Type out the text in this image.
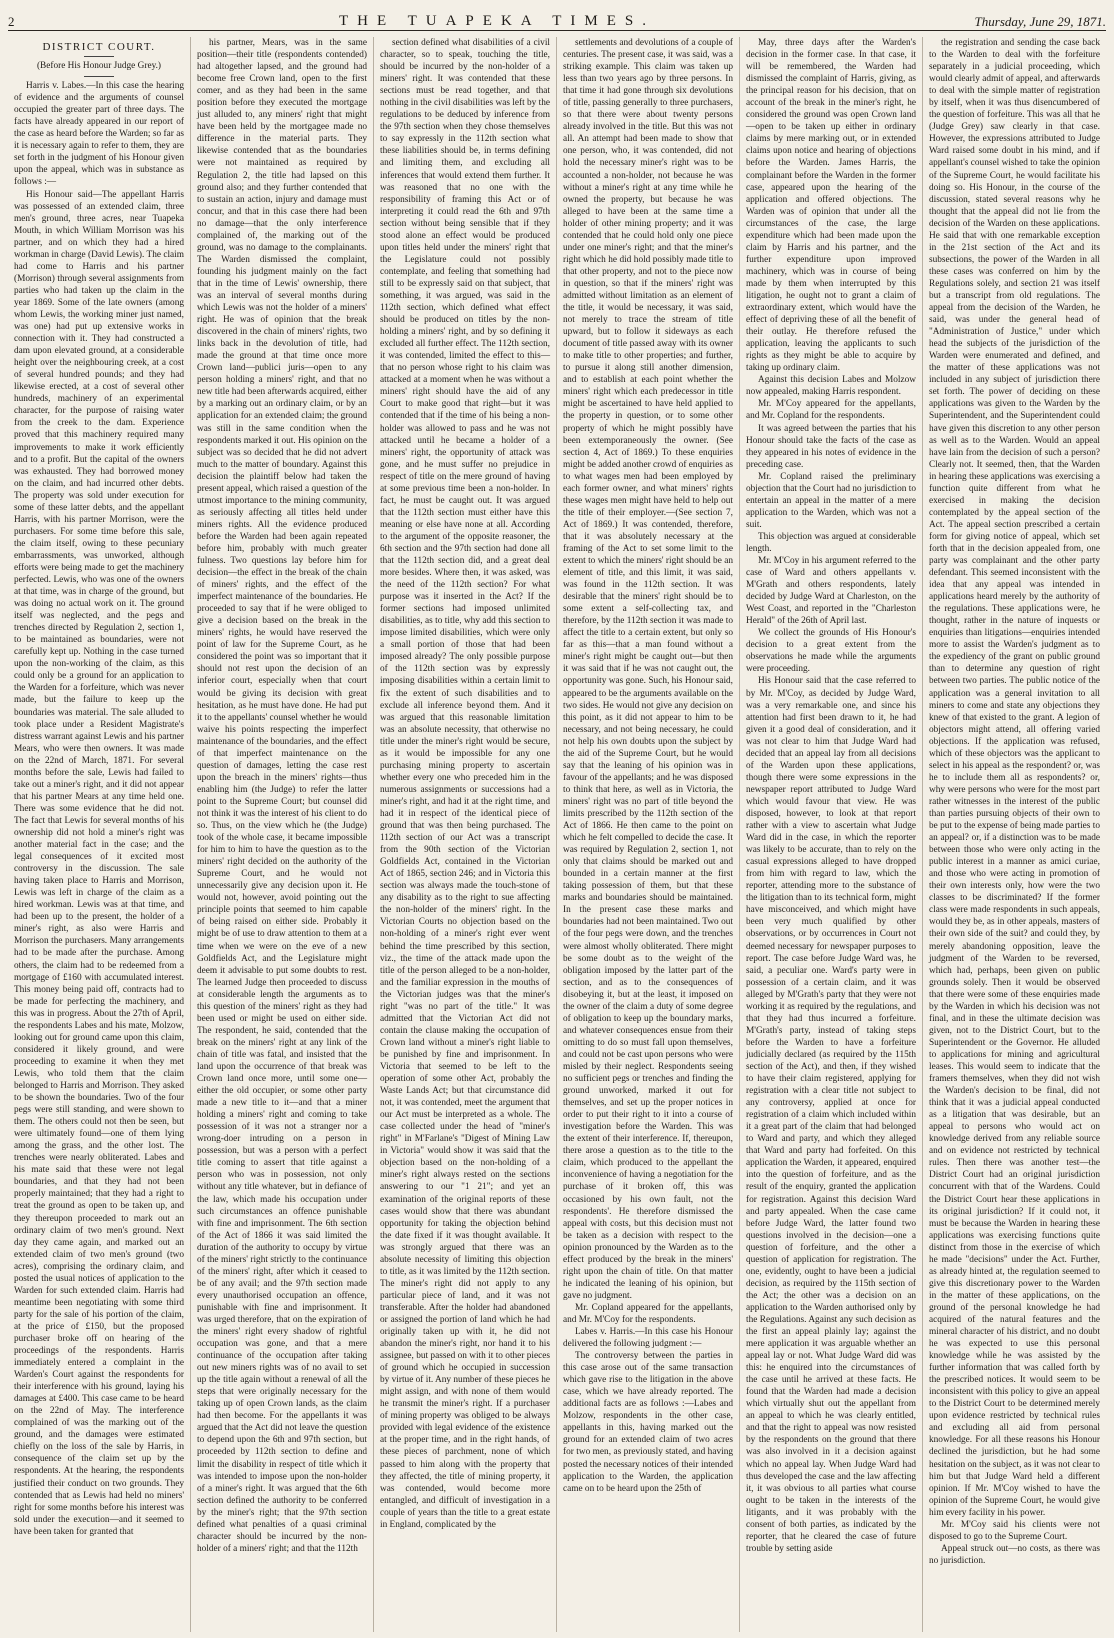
2	THE TUAPEKA TIMES.	Thursday, June 29, 1871.

DISTRICT COURT.

(Before His Honour Judge Grey.)

Harris v. Labes.—In this case the hearing of evidence and the arguments of counsel occupied the greater part of three days. The facts have already appeared in our report of the case as heard before the Warden; so far as it is necessary again to refer to them, they are set forth in the judgment of his Honour given upon the appeal, which was in substance as follows :—

His Honour said—The appellant Harris was possessed of an extended claim, three men's ground, three acres, near Tuapeka Mouth, in which William Morrison was his partner, and on which they had a hired workman in charge (David Lewis). The claim had come to Harris and his partner (Morrison) through several assignments from parties who had taken up the claim in the year 1869. Some of the late owners (among whom Lewis, the working miner just named, was one) had put up extensive works in connection with it. They had constructed a dam upon elevated ground, at a considerable height over the neighbouring creek, at a cost of several hundred pounds; and they had likewise erected, at a cost of several other hundreds, machinery of an experimental character, for the purpose of raising water from the creek to the dam. Experience proved that this machinery required many improvements to make it work efficiently and to a profit. But the capital of the owners was exhausted. They had borrowed money on the claim, and had incurred other debts. The property was sold under execution for some of these latter debts, and the appellant Harris, with his partner Morrison, were the purchasers. For some time before this sale, the claim itself, owing to these pecuniary embarrassments, was unworked, although efforts were being made to get the machinery perfected. Lewis, who was one of the owners at that time, was in charge of the ground, but was doing no actual work on it. The ground itself was neglected, and the pegs and trenches directed by Regulation 2, section 1, to be maintained as boundaries, were not carefully kept up. Nothing in the case turned upon the non-working of the claim, as this could only be a ground for an application to the Warden for a forfeiture, which was never made, but the failure to keep up the boundaries was material. The sale alluded to took place under a Resident Magistrate's distress warrant against Lewis and his partner Mears, who were then owners. It was made on the 22nd of March, 1871. For several months before the sale, Lewis had failed to take out a miner's right, and it did not appear that his partner Mears at any time held one. There was some evidence that he did not. The fact that Lewis for several months of his ownership did not hold a miner's right was another material fact in the case; and the legal consequences of it excited most controversy in the discussion. The sale having taken place to Harris and Morrison, Lewis was left in charge of the claim as a hired workman. Lewis was at that time, and had been up to the present, the holder of a miner's right, as also were Harris and Morrison the purchasers. Many arrangements had to be made after the purchase. Among others, the claim had to be redeemed from a mortgage of £160 with accumulated interest. This money being paid off, contracts had to be made for perfecting the machinery, and this was in progress. About the 27th of April, the respondents Labes and his mate, Molzow, looking out for ground came upon this claim, considered it likely ground, and were proceeding to examine it when they met Lewis, who told them that the claim belonged to Harris and Morrison. They asked to be shown the boundaries. Two of the four pegs were still standing, and were shown to them. The others could not then be seen, but were ultimately found—one of them lying among the grass, and the other lost. The trenches were nearly obliterated. Labes and his mate said that these were not legal boundaries, and that they had not been properly maintained; that they had a right to treat the ground as open to be taken up, and they thereupon proceeded to mark out an ordinary claim of two men's ground. Next day they came again, and marked out an extended claim of two men's ground (two acres), comprising the ordinary claim, and posted the usual notices of application to the Warden for such extended claim. Harris had meantime been negotiating with some third party for the sale of his portion of the claim, at the price of £150, but the proposed purchaser broke off on hearing of the proceedings of the respondents. Harris immediately entered a complaint in the Warden's Court against the respondents for their interference with his ground, laying his damages at £400. This case came to be heard on the 22nd of May. The interference complained of was the marking out of the ground, and the damages were estimated chiefly on the loss of the sale by Harris, in consequence of the claim set up by the respondents. At the hearing, the respondents justified their conduct on two grounds. They contended that as Lewis had held no miners' right for some months before his interest was sold under the execution—and it seemed to have been taken for granted that

his partner, Mears, was in the same position—their title (respondents contended) had altogether lapsed, and the ground had become free Crown land, open to the first comer, and as they had been in the same position before they executed the mortgage just alluded to, any miners' right that might have been held by the mortgagee made no difference in the material parts. They likewise contended that as the boundaries were not maintained as required by Regulation 2, the title had lapsed on this ground also; and they further contended that to sustain an action, injury and damage must concur, and that in this case there had been no damage—that the only interference complained of, the marking out of the ground, was no damage to the complainants. The Warden dismissed the complaint, founding his judgment mainly on the fact that in the time of Lewis' ownership, there was an interval of several months during which Lewis was not the holder of a miners' right. He was of opinion that the break discovered in the chain of miners' rights, two links back in the devolution of title, had made the ground at that time once more Crown land—publici juris—open to any person holding a miners' right, and that no new title had been afterwards acquired, either by a marking out an ordinary claim, or by an application for an extended claim; the ground was still in the same condition when the respondents marked it out. His opinion on the subject was so decided that he did not advert much to the matter of boundary. Against this decision the plaintiff below had taken the present appeal, which raised a question of the utmost importance to the mining community, as seriously affecting all titles held under miners rights. All the evidence produced before the Warden had been again repeated before him, probably with much greater fulness. Two questions lay before him for decision—the effect in the break of the chain of miners' rights, and the effect of the imperfect maintenance of the boundaries. He proceeded to say that if he were obliged to give a decision based on the break in the miners' rights, he would have reserved the point of law for the Supreme Court, as he considered the point was so important that it should not rest upon the decision of an inferior court, especially when that court would be giving its decision with great hesitation, as he must have done. He had put it to the appellants' counsel whether he would waive his points respecting the imperfect maintenance of the boundaries, and the effect of that imperfect maintenance on the question of damages, letting the case rest upon the breach in the miners' rights—thus enabling him (the Judge) to refer the latter point to the Supreme Court; but counsel did not think it was the interest of his client to do so. Thus, on the view which he (the Judge) took of the whole case, it became impossible for him to him to have the question as to the miners' right decided on the authority of the Supreme Court, and he would not unnecessarily give any decision upon it. He would not, however, avoid pointing out the principle points that seemed to him capable of being raised on either side. Probably it might be of use to draw attention to them at a time when we were on the eve of a new Goldfields Act, and the Legislature might deem it advisable to put some doubts to rest. The learned Judge then proceeded to discuss at considerable length the arguments as to this question of the miners' right as they had been used or might be used on either side. The respondent, he said, contended that the break on the miners' right at any link of the chain of title was fatal, and insisted that the land upon the occurrence of that break was Crown land once more, until some one—either the old occupier, or some other party made a new title to it—and that a miner holding a miners' right and coming to take possession of it was not a stranger nor a wrong-doer intruding on a person in possession, but was a person with a perfect title coming to assert that title against a person who was in possession, not only without any title whatever, but in defiance of the law, which made his occupation under such circumstances an offence punishable with fine and imprisonment. The 6th section of the Act of 1866 it was said limited the duration of the authority to occupy by virtue of the miners' right strictly to the continuance of the miners' right, after which it ceased to be of any avail; and the 97th section made every unauthorised occupation an offence, punishable with fine and imprisonment. It was urged therefore, that on the expiration of the miners' right every shadow of rightful occupation was gone, and that a mere continuance of the occupation after taking out new miners rights was of no avail to set up the title again without a renewal of all the steps that were originally necessary for the taking up of open Crown lands, as the claim had then become. For the appellants it was argued that the Act did not leave the question to depend upon the 6th and 97th section, but proceeded by 112th section to define and limit the disability in respect of title which it was intended to impose upon the non-holder of a miner's right. It was argued that the 6th section defined the authority to be conferred by the miner's right; that the 97th section defined what penalties of a quasi criminal character should be incurred by the non-holder of a miners' right; and that the 112th

section defined what disabilities of a civil character, so to speak, touching the title, should be incurred by the non-holder of a miners' right. It was contended that these sections must be read together, and that nothing in the civil disabilities was left by the regulations to be deduced by inference from the 97th section when they chose themselves to say expressly in the 112th section what these liabilities should be, in terms defining and limiting them, and excluding all inferences that would extend them further. It was reasoned that no one with the responsibility of framing this Act or of interpreting it could read the 6th and 97th section without being sensible that if they stood alone an effect would be produced upon titles held under the miners' right that the Legislature could not possibly contemplate, and feeling that something had still to be expressly said on that subject, that something, it was argued, was said in the 112th section, which defined what effect should be produced on titles by the non-holding a miners' right, and by so defining it excluded all further effect. The 112th section, it was contended, limited the effect to this—that no person whose right to his claim was attacked at a moment when he was without a miners' right should have the aid of any Court to make good that right—but it was contended that if the time of his being a non-holder was allowed to pass and he was not attacked until he became a holder of a miners' right, the opportunity of attack was gone, and he must suffer no prejudice in respect of title on the mere ground of having at some previous time been a non-holder. In fact, he must be caught out. It was argued that the 112th section must either have this meaning or else have none at all. According to the argument of the opposite reasoner, the 6th section and the 97th section had done all that the 112th section did, and a great deal more besides. Where then, it was asked, was the need of the 112th section? For what purpose was it inserted in the Act? If the former sections had imposed unlimited disabilities, as to title, why add this section to impose limited disabilities, which were only a small portion of those that had been imposed already? The only possible purpose of the 112th section was by expressly imposing disabilities within a certain limit to fix the extent of such disabilities and to exclude all inference beyond them. And it was argued that this reasonable limitation was an absolute necessity, that otherwise no title under the miner's right would be secure, as it would be impossible for any one purchasing mining property to ascertain whether every one who preceded him in the numerous assignments or successions had a miner's right, and had it at the right time, and had it in respect of the identical piece of ground that was then being purchased. The 112th section of our Act was a transcript from the 90th section of the Victorian Goldfields Act, contained in the Victorian Act of 1865, section 246; and in Victoria this section was always made the touch-stone of any disability as to the right to sue affecting the non-holder of the miners' right. In the Victorian Courts no objection based on the non-holding of a miner's right ever went behind the time prescribed by this section, viz., the time of the attack made upon the title of the person alleged to be a non-holder, and the familiar expression in the mouths of the Victorian judges was that the miner's right "was no part of the title." It was admitted that the Victorian Act did not contain the clause making the occupation of Crown land without a miner's right liable to be punished by fine and imprisonment. In Victoria that seemed to be left to the operation of some other Act, probably the Waste Lands Act; but that circumstance did not, it was contended, meet the argument that our Act must be interpreted as a whole. The case collected under the head of "miner's right" in M'Farlane's "Digest of Mining Law in Victoria" would show it was said that the objection based on the non-holding of a miner's right always rested on the sections answering to our "1 21"; and yet an examination of the original reports of these cases would show that there was abundant opportunity for taking the objection behind the date fixed if it was thought available. It was strongly argued that there was an absolute necessity of limiting this objection to title, as it was limited by the 112th section. The miner's right did not apply to any particular piece of land, and it was not transferable. After the holder had abandoned or assigned the portion of land which he had originally taken up with it, he did not abandon the miner's right, nor hand it to his assignee, but passed on with it to other pieces of ground which he occupied in succession by virtue of it. Any number of these pieces he might assign, and with none of them would he transmit the miner's right. If a purchaser of mining property was obliged to be always provided with legal evidence of the existence at the proper time, and in the right hands, of these pieces of parchment, none of which passed to him along with the property that they affected, the title of mining property, it was contended, would become more entangled, and difficult of investigation in a couple of years than the title to a great estate in England, complicated by the

settlements and devolutions of a couple of centuries. The present case, it was said, was a striking example. This claim was taken up less than two years ago by three persons. In that time it had gone through six devolutions of title, passing generally to three purchasers, so that there were about twenty persons already involved in the title. But this was not all. An attempt had been made to show that one person, who, it was contended, did not hold the necessary miner's right was to be accounted a non-holder, not because he was without a miner's right at any time while he owned the property, but because he was alleged to have been at the same time a holder of other mining property; and it was contended that he could hold only one piece under one miner's right; and that the miner's right which he did hold possibly made title to that other property, and not to the piece now in question, so that if the miners' right was admitted without limitation as an element of the title, it would be necessary, it was said, not merely to trace the stream of title upward, but to follow it sideways as each document of title passed away with its owner to make title to other properties; and further, to pursue it along still another dimension, and to establish at each point whether the miners' right which each predecessor in title might be ascertained to have held applied to the property in question, or to some other property of which he might possibly have been extemporaneously the owner. (See section 4, Act of 1869.) To these enquiries might be added another crowd of enquiries as to what wages men had been employed by each former owner, and what miners' rights these wages men might have held to help out the title of their employer.—(See section 7, Act of 1869.) It was contended, therefore, that it was absolutely necessary at the framing of the Act to set some limit to the extent to which the miners' right should be an element of title, and this limit, it was said, was found in the 112th section. It was desirable that the miners' right should be to some extent a self-collecting tax, and therefore, by the 112th section it was made to affect the title to a certain extent, but only so far as this—that a man found without a miner's right might be caught out—but then it was said that if he was not caught out, the opportunity was gone. Such, his Honour said, appeared to be the arguments available on the two sides. He would not give any decision on this point, as it did not appear to him to be necessary, and not being necessary, he could not help his own doubts upon the subject by the aid of the Supreme Court, but he would say that the leaning of his opinion was in favour of the appellants; and he was disposed to think that here, as well as in Victoria, the miners' right was no part of title beyond the limits prescribed by the 112th section of the Act of 1866. He then came to the point on which he felt compelled to decide the case. It was required by Regulation 2, section 1, not only that claims should be marked out and bounded in a certain manner at the first taking possession of them, but that these marks and boundaries should be maintained. In the present case these marks and boundaries had not been maintained. Two out of the four pegs were down, and the trenches were almost wholly obliterated. There might be some doubt as to the weight of the obligation imposed by the latter part of the section, and as to the consequences of disobeying it, but at the least, it imposed on the owner of the claim a duty of some degree of obligation to keep up the boundary marks, and whatever consequences ensue from their omitting to do so must fall upon themselves, and could not be cast upon persons who were misled by their neglect. Respondents seeing no sufficient pegs or trenches and finding the ground unworked, marked it out for themselves, and set up the proper notices in order to put their right to it into a course of investigation before the Warden. This was the extent of their interference. If, thereupon, there arose a question as to the title to the claim, which produced to the appellant the inconvenience of having a negotiation for the purchase of it broken off, this was occasioned by his own fault, not the respondents'. He therefore dismissed the appeal with costs, but this decision must not be taken as a decision with respect to the opinion pronounced by the Warden as to the effect produced by the break in the miners' right upon the chain of title. On that matter he indicated the leaning of his opinion, but gave no judgment.

Mr. Copland appeared for the appellants, and Mr. M'Coy for the respondents.

Labes v. Harris.—In this case his Honour delivered the following judgment :—

The controversy between the parties in this case arose out of the same transaction which gave rise to the litigation in the above case, which we have already reported. The additional facts are as follows :—Labes and Molzow, respondents in the other case, appellants in this, having marked out the ground for an extended claim of two acres for two men, as previously stated, and having posted the necessary notices of their intended application to the Warden, the application came on to be heard upon the 25th of

May, three days after the Warden's decision in the former case. In that case, it will be remembered, the Warden had dismissed the complaint of Harris, giving, as the principal reason for his decision, that on account of the break in the miner's right, he considered the ground was open Crown land—open to be taken up either in ordinary claims by mere marking out, or in extended claims upon notice and hearing of objections before the Warden. James Harris, the complainant before the Warden in the former case, appeared upon the hearing of the application and offered objections. The Warden was of opinion that under all the circumstances of the case, the large expenditure which had been made upon the claim by Harris and his partner, and the further expenditure upon improved machinery, which was in course of being made by them when interrupted by this litigation, he ought not to grant a claim of extraordinary extent, which would have the effect of depriving these of all the benefit of their outlay. He therefore refused the application, leaving the applicants to such rights as they might be able to acquire by taking up ordinary claim.

Against this decision Labes and Molzow now appealed, making Harris respondent.

Mr. M'Coy appeared for the appellants, and Mr. Copland for the respondents.

It was agreed between the parties that his Honour should take the facts of the case as they appeared in his notes of evidence in the preceding case.

Mr. Copland raised the preliminary objection that the Court had no jurisdiction to entertain an appeal in the matter of a mere application to the Warden, which was not a suit.

This objection was argued at considerable length.

Mr. M'Coy in his argument referred to the case of Ward and others appellants v. M'Grath and others respondents, lately decided by Judge Ward at Charleston, on the West Coast, and reported in the "Charleston Herald" of the 26th of April last.

We collect the grounds of His Honour's decision to a great extent from the observations he made while the arguments were proceeding.

His Honour said that the case referred to by Mr. M'Coy, as decided by Judge Ward, was a very remarkable one, and since his attention had first been drawn to it, he had given it a good deal of consideration, and it was not clear to him that Judge Ward had decided that an appeal lay from all decisions of the Warden upon these applications, though there were some expressions in the newspaper report attributed to Judge Ward which would favour that view. He was disposed, however, to look at that report rather with a view to ascertain what Judge Ward did in the case, in which the reporter was likely to be accurate, than to rely on the casual expressions alleged to have dropped from him with regard to law, which the reporter, attending more to the substance of the litigation than to its technical form, might have misconceived, and which might have been very much qualified by other observations, or by occurrences in Court not deemed necessary for newspaper purposes to report. The case before Judge Ward was, he said, a peculiar one. Ward's party were in possession of a certain claim, and it was alleged by M'Grath's party that they were not working it as required by the regulations, and that they had thus incurred a forfeiture. M'Grath's party, instead of taking steps before the Warden to have a forfeiture judicially declared (as required by the 115th section of the Act), and then, if they wished to have their claim registered, applying for registration with a clear title not subject to any controversy, applied at once for registration of a claim which included within it a great part of the claim that had belonged to Ward and party, and which they alleged that Ward and party had forfeited. On this application the Warden, it appeared, enquired into the question of forfeiture, and as the result of the enquiry, granted the application for registration. Against this decision Ward and party appealed. When the case came before Judge Ward, the latter found two questions involved in the decision—one a question of forfeiture, and the other a question of application for registration. The one, evidently, ought to have been a judicial decision, as required by the 115th section of the Act; the other was a decision on an application to the Warden authorised only by the Regulations. Against any such decision as the first an appeal plainly lay; against the mere application it was arguable whether an appeal lay or not. What Judge Ward did was this: he enquired into the circumstances of the case until he arrived at these facts. He found that the Warden had made a decision which virtually shut out the appellant from an appeal to which he was clearly entitled, and that the right to appeal was now resisted by the respondents on the ground that there was also involved in it a decision against which no appeal lay. When Judge Ward had thus developed the case and the law affecting it, it was obvious to all parties what course ought to be taken in the interests of the litigants, and it was probably with the consent of both parties, as indicated by the reporter, that he cleared the case of future trouble by setting aside

the registration and sending the case back to the Warden to deal with the forfeiture separately in a judicial proceeding, which would clearly admit of appeal, and afterwards to deal with the simple matter of registration by itself, when it was thus disencumbered of the question of forfeiture. This was all that he (Judge Grey) saw clearly in that case. However, the expressions attributed to Judge Ward raised some doubt in his mind, and if appellant's counsel wished to take the opinion of the Supreme Court, he would facilitate his doing so. His Honour, in the course of the discussion, stated several reasons why he thought that the appeal did not lie from the decision of the Warden on these applications. He said that with one remarkable exception in the 21st section of the Act and its subsections, the power of the Warden in all these cases was conferred on him by the Regulations solely, and section 21 was itself but a transcript from old regulations. The appeal from the decision of the Warden, he said, was under the general head of "Administration of Justice," under which head the subjects of the jurisdiction of the Warden were enumerated and defined, and the matter of these applications was not included in any subject of jurisdiction there set forth. The power of deciding on these applications was given to the Warden by the Superintendent, and the Superintendent could have given this discretion to any other person as well as to the Warden. Would an appeal have lain from the decision of such a person? Clearly not. It seemed, then, that the Warden in hearing these applications was exercising a function quite different from what he exercised in making the decision contemplated by the appeal section of the Act. The appeal section prescribed a certain form for giving notice of appeal, which set forth that in the decision appealed from, one party was complainant and the other party defendant. This seemed inconsistent with the idea that any appeal was intended in applications heard merely by the authority of the regulations. These applications were, he thought, rather in the nature of inquests or enquiries than litigations—enquiries intended more to assist the Warden's judgment as to the expediency of the grant on public ground than to determine any question of right between two parties. The public notice of the application was a general invitation to all miners to come and state any objections they knew of that existed to the grant. A legion of objectors might attend, all offering varied objections. If the application was refused, which of these objectors was the applicant to select in his appeal as the respondent? or, was he to include them all as respondents? or, why were persons who were for the most part rather witnesses in the interest of the public than parties pursuing objects of their own to be put to the expense of being made parties to an appeal? or, if a distinction was to be made between those who were only acting in the public interest in a manner as amici curiae, and those who were acting in promotion of their own interests only, how were the two classes to be discriminated? If the former class were made respondents in such appeals, would they be, as in other appeals, masters of their own side of the suit? and could they, by merely abandoning opposition, leave the judgment of the Warden to be reversed, which had, perhaps, been given on public grounds solely. Then it would be observed that there were some of these enquiries made by the Warden in which his decision was not final, and in these the ultimate decision was given, not to the District Court, but to the Superintendent or the Governor. He alluded to applications for mining and agricultural leases. This would seem to indicate that the framers themselves, when they did not wish the Warden's decision to be final, did not think that it was a judicial appeal conducted as a litigation that was desirable, but an appeal to persons who would act on knowledge derived from any reliable source and on evidence not restricted by technical rules. Then there was another test—the District Court had an original jurisdiction concurrent with that of the Wardens. Could the District Court hear these applications in its original jurisdiction? If it could not, it must be because the Warden in hearing these applications was exercising functions quite distinct from those in the exercise of which he made "decisions" under the Act. Further, as already hinted at, the regulation seemed to give this discretionary power to the Warden in the matter of these applications, on the ground of the personal knowledge he had acquired of the natural features and the mineral character of his district, and no doubt he was expected to use this personal knowledge while he was assisted by the further information that was called forth by the prescribed notices. It would seem to be inconsistent with this policy to give an appeal to the District Court to be determined merely upon evidence restricted by technical rules and excluding all aid from personal knowledge. For all these reasons his Honour declined the jurisdiction, but he had some hesitation on the subject, as it was not clear to him but that Judge Ward held a different opinion. If Mr. M'Coy wished to have the opinion of the Supreme Court, he would give him every facility in his power.

Mr. M'Coy said his clients were not disposed to go to the Supreme Court.

Appeal struck out—no costs, as there was no jurisdiction.
